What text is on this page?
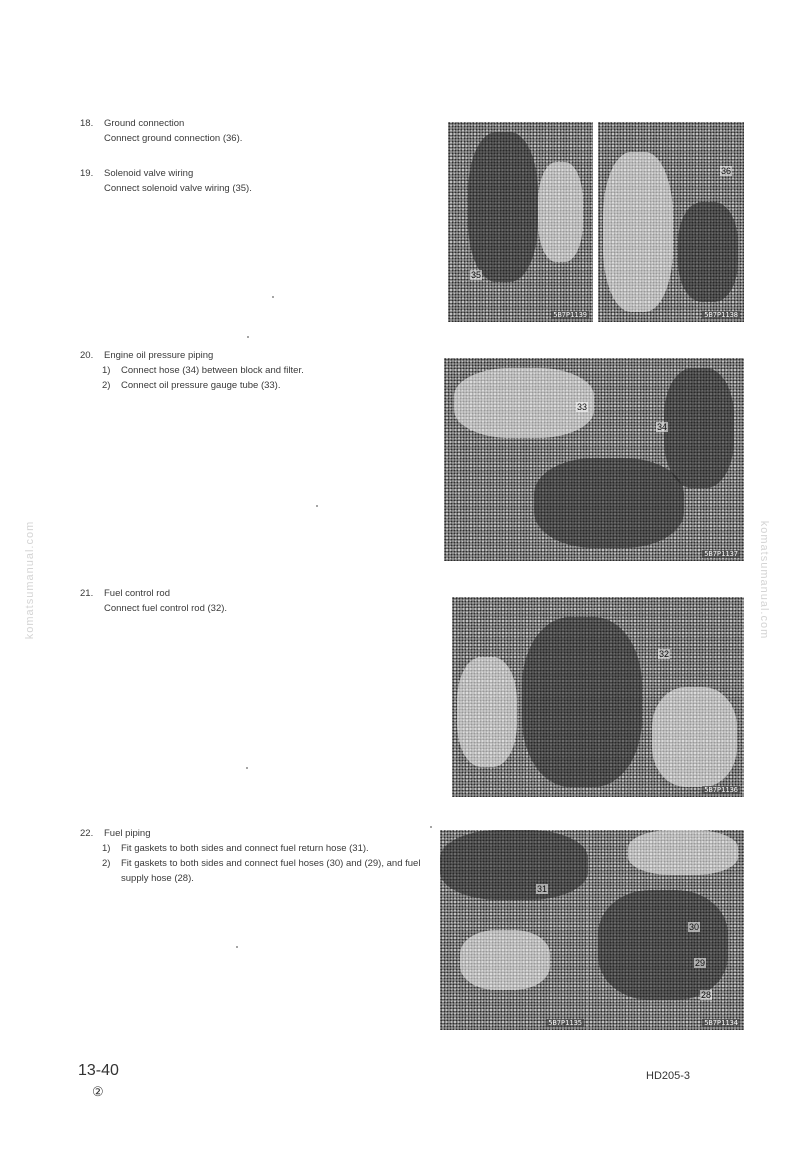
18.	Ground connection
Connect ground connection (36).
19.	Solenoid valve wiring
Connect solenoid valve wiring (35).
20.	Engine oil pressure piping
1)	Connect hose (34) between block and filter.
2)	Connect oil pressure gauge tube (33).
21.	Fuel control rod
Connect fuel control rod (32).
22.	Fuel piping
1)	Fit gaskets to both sides and connect fuel return hose (31).
2)	Fit gaskets to both sides and connect fuel hoses (30) and (29), and fuel supply hose (28).
35
5B7P1139
36
5B7P1138
34
33
5B7P1137
32
5B7P1136
31
5B7P1135
30
29
28
5B7P1134
komatsumanual.com	komatsumanual.com
13-40
②
HD205-3
